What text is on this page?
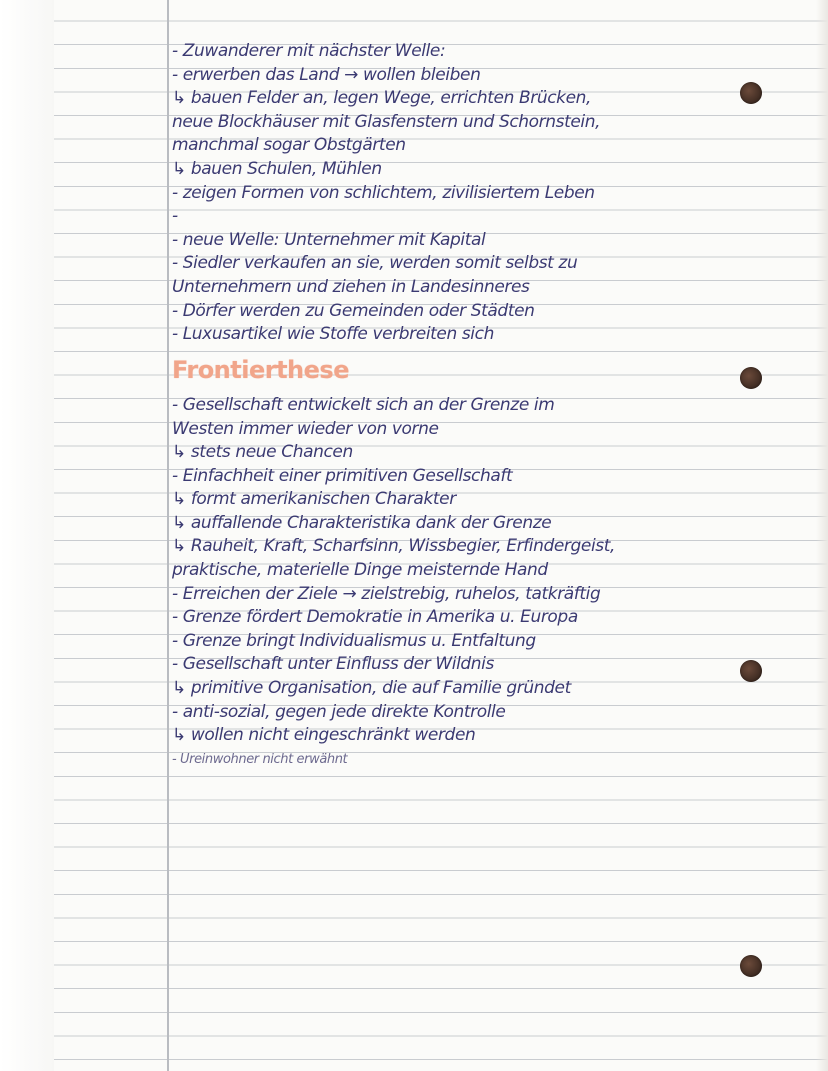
- Zuwanderer mit nächster Welle:
- erwerben das Land → wollen bleiben
↳ bauen Felder an, legen Wege, errichten Brücken,
neue Blockhäuser mit Glasfenstern und Schornstein,
manchmal sogar Obstgärten
↳ bauen Schulen, Mühlen
- zeigen Formen von schlichtem, zivilisiertem Leben
-
- neue Welle: Unternehmer mit Kapital
- Siedler verkaufen an sie, werden somit selbst zu
Unternehmern und ziehen in Landesinneres
- Dörfer werden zu Gemeinden oder Städten
- Luxusartikel wie Stoffe verbreiten sich
Frontierthese
- Gesellschaft entwickelt sich an der Grenze im
Westen immer wieder von vorne
↳ stets neue Chancen
- Einfachheit einer primitiven Gesellschaft
↳ formt amerikanischen Charakter
↳ auffallende Charakteristika dank der Grenze
↳ Rauheit, Kraft, Scharfsinn, Wissbegier, Erfindergeist,
praktische, materielle Dinge meisternde Hand
- Erreichen der Ziele → zielstrebig, ruhelos, tatkräftig
- Grenze fördert Demokratie in Amerika u. Europa
- Grenze bringt Individualismus u. Entfaltung
- Gesellschaft unter Einfluss der Wildnis
↳ primitive Organisation, die auf Familie gründet
- anti-sozial, gegen jede direkte Kontrolle
↳ wollen nicht eingeschränkt werden
- Ureinwohner nicht erwähnt
